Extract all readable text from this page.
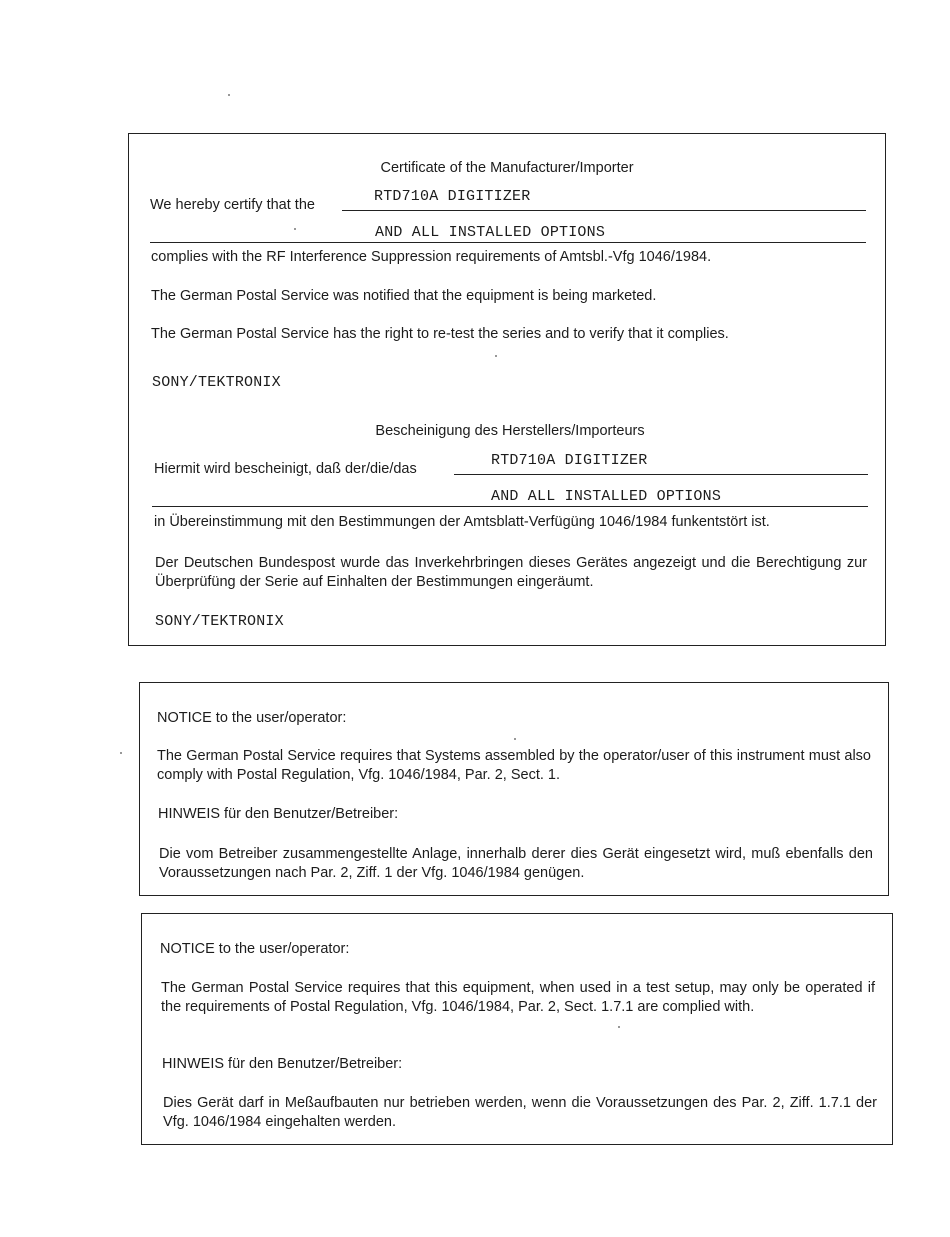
Certificate of the Manufacturer/Importer
We hereby certify that the	RTD710A DIGITIZER
AND ALL INSTALLED OPTIONS
complies with the RF Interference Suppression requirements of Amtsbl.-Vfg 1046/1984.
The German Postal Service was notified that the equipment is being marketed.
The German Postal Service has the right to re-test the series and to verify that it complies.
SONY/TEKTRONIX
Bescheinigung des Herstellers/Importeurs
Hiermit wird bescheinigt, daß der/die/das	RTD710A DIGITIZER
AND ALL INSTALLED OPTIONS
in Übereinstimmung mit den Bestimmungen der Amtsblatt-Verfügüng 1046/1984 funkentstört ist.
Der Deutschen Bundespost wurde das Inverkehrbringen dieses Gerätes angezeigt und die Berechtigung zur Überprüfüng der Serie auf Einhalten der Bestimmungen eingeräumt.
SONY/TEKTRONIX
NOTICE to the user/operator:
The German Postal Service requires that Systems assembled by the operator/user of this instrument must also comply with Postal Regulation, Vfg. 1046/1984, Par. 2, Sect. 1.
HINWEIS für den Benutzer/Betreiber:
Die vom Betreiber zusammengestellte Anlage, innerhalb derer dies Gerät eingesetzt wird, muß ebenfalls den Voraussetzungen nach Par. 2, Ziff. 1 der Vfg. 1046/1984 genügen.
NOTICE to the user/operator:
The German Postal Service requires that this equipment, when used in a test setup, may only be operated if the requirements of Postal Regulation, Vfg. 1046/1984, Par. 2, Sect. 1.7.1 are complied with.
HINWEIS für den Benutzer/Betreiber:
Dies Gerät darf in Meßaufbauten nur betrieben werden, wenn die Voraussetzungen des Par. 2, Ziff. 1.7.1 der Vfg. 1046/1984 eingehalten werden.
